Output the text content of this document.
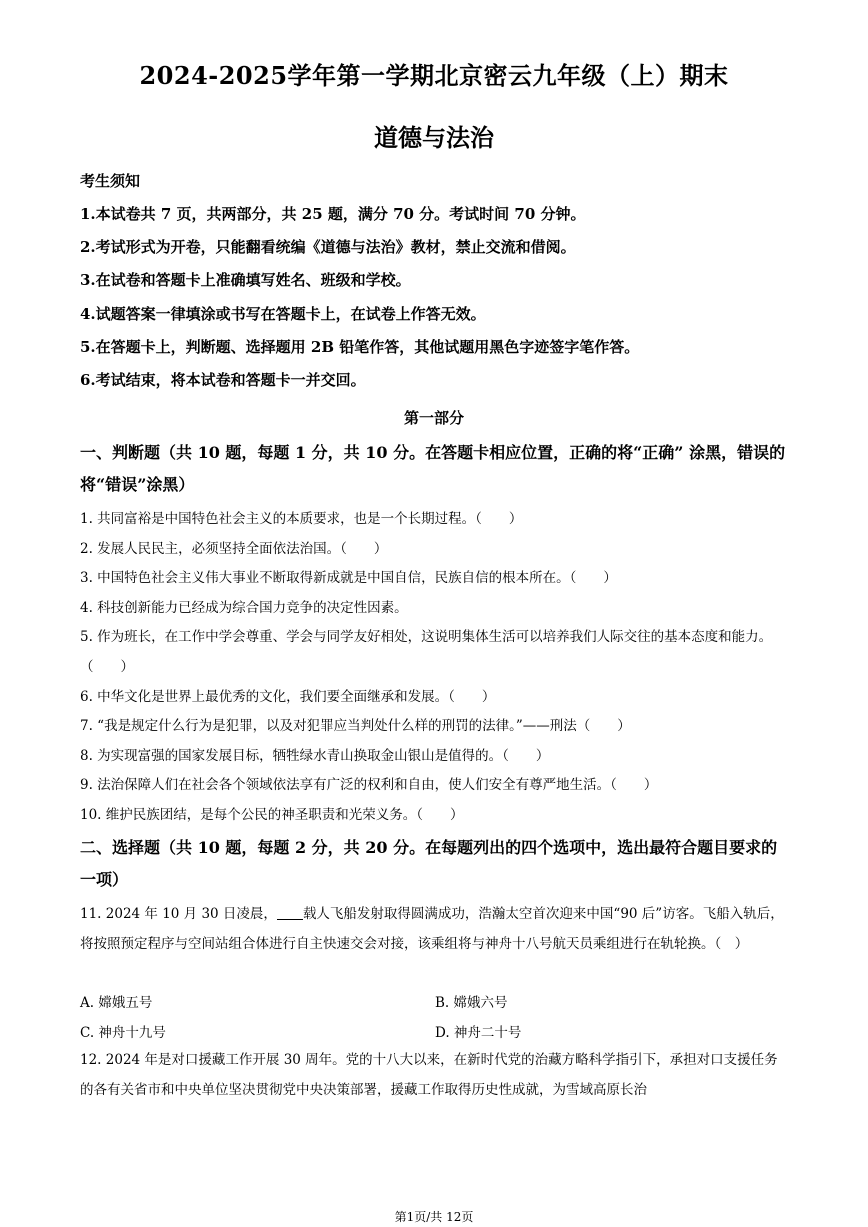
2024-2025学年第一学期北京密云九年级（上）期末
道德与法治
考生须知
1.本试卷共 7 页，共两部分，共 25 题，满分 70 分。考试时间 70 分钟。
2.考试形式为开卷，只能翻看统编《道德与法治》教材，禁止交流和借阅。
3.在试卷和答题卡上准确填写姓名、班级和学校。
4.试题答案一律填涂或书写在答题卡上，在试卷上作答无效。
5.在答题卡上，判断题、选择题用 2B 铅笔作答，其他试题用黑色字迹签字笔作答。
6.考试结束，将本试卷和答题卡一并交回。
第一部分
一、判断题（共 10 题，每题 1 分，共 10 分。在答题卡相应位置，正确的将“正确” 涂黑，错误的将“错误”涂黑）
1. 共同富裕是中国特色社会主义的本质要求，也是一个长期过程。（　　）
2. 发展人民民主，必须坚持全面依法治国。（　　）
3. 中国特色社会主义伟大事业不断取得新成就是中国自信，民族自信的根本所在。（　　）
4. 科技创新能力已经成为综合国力竞争的决定性因素。
5. 作为班长，在工作中学会尊重、学会与同学友好相处，这说明集体生活可以培养我们人际交往的基本态度和能力。（　　）
6. 中华文化是世界上最优秀的文化，我们要全面继承和发展。（　　）
7. “我是规定什么行为是犯罪，以及对犯罪应当判处什么样的刑罚的法律。”——刑法（　　）
8. 为实现富强的国家发展目标，牺牲绿水青山换取金山银山是值得的。（　　）
9. 法治保障人们在社会各个领域依法享有广泛的权利和自由，使人们安全有尊严地生活。（　　）
10. 维护民族团结，是每个公民的神圣职责和光荣义务。（　　）
二、选择题（共 10 题，每题 2 分，共 20 分。在每题列出的四个选项中，选出最符合题目要求的一项）
11. 2024 年 10 月 30 日凌晨， 载人飞船发射取得圆满成功，浩瀚太空首次迎来中国“90 后”访客。飞船入轨后，将按照预定程序与空间站组合体进行自主快速交会对接，该乘组将与神舟十八号航天员乘组进行在轨轮换。（　）
A. 嫦娥五号	B. 嫦娥六号
C. 神舟十九号	D. 神舟二十号
12. 2024 年是对口援藏工作开展 30 周年。党的十八大以来，在新时代党的治藏方略科学指引下，承担对口支援任务的各有关省市和中央单位坚决贯彻党中央决策部署，援藏工作取得历史性成就，为雪域高原长治
第1页/共 12页
